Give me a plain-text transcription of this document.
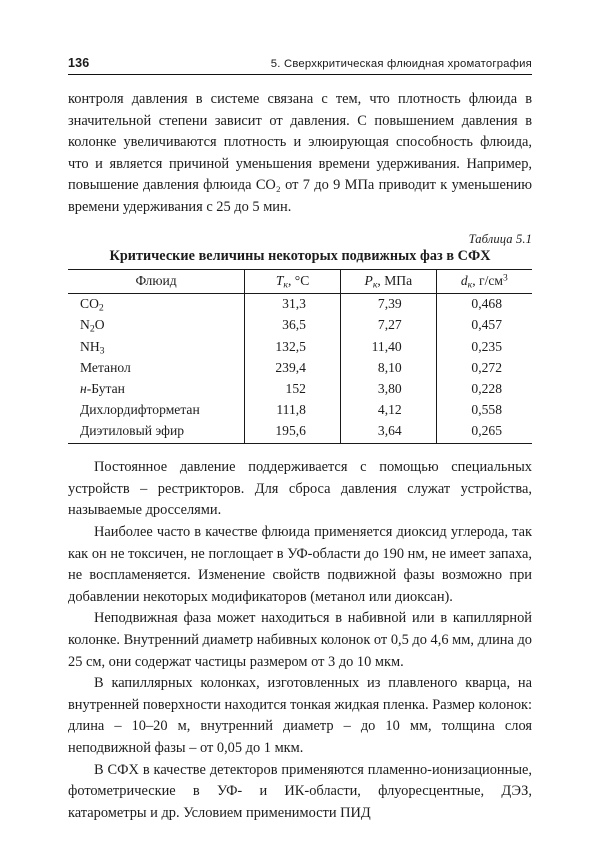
136	5. Сверхкритическая флюидная хроматография

контроля давления в системе связана с тем, что плотность флюида в значительной степени зависит от давления. С повышением давления в колонке увеличиваются плотность и элюирующая способность флюида, что и является причиной уменьшения времени удерживания. Например, повышение давления флюида CO₂ от 7 до 9 МПа приводит к уменьшению времени удерживания с 25 до 5 мин.

Таблица 5.1
Критические величины некоторых подвижных фаз в СФХ
Флюид	$T_к$, °C	$P_к$, МПа	$d_к$, $г/см^3$
$CO_2$	31,3	7,39	0,468
$N_2O$	36,5	7,27	0,457
$NH_3$	132,5	11,40	0,235
Метанол	239,4	8,10	0,272
н-Бутан	152	3,80	0,228
Дихлордифторметан	111,8	4,12	0,558
Диэтиловый эфир	195,6	3,64	0,265

Постоянное давление поддерживается с помощью специальных устройств – рестрикторов. Для сброса давления служат устройства, называемые дросселями.

Наиболее часто в качестве флюида применяется диоксид углерода, так как он не токсичен, не поглощает в УФ-области до 190 нм, не имеет запаха, не воспламеняется. Изменение свойств подвижной фазы возможно при добавлении некоторых модификаторов (метанол или диоксан).

Неподвижная фаза может находиться в набивной или в капиллярной колонке. Внутренний диаметр набивных колонок от 0,5 до 4,6 мм, длина до 25 см, они содержат частицы размером от 3 до 10 мкм.

В капиллярных колонках, изготовленных из плавленого кварца, на внутренней поверхности находится тонкая жидкая пленка. Размер колонок: длина – 10–20 м, внутренний диаметр – до 10 мм, толщина слоя неподвижной фазы – от 0,05 до 1 мкм.

В СФХ в качестве детекторов применяются пламенно-ионизационные, фотометрические в УФ- и ИК-области, флуоресцентные, ДЭЗ, катарометры и др. Условием применимости ПИД
